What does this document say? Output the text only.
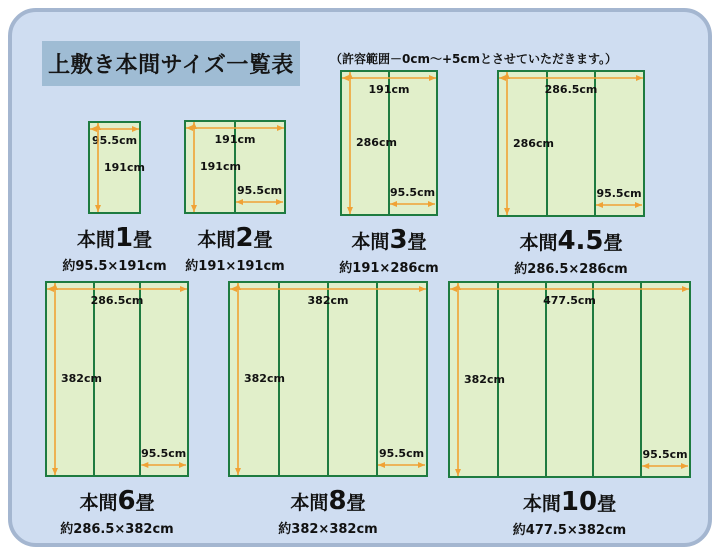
上敷き本間サイズ一覧表	（許容範囲－0cm～+5cmとさせていただきます。）
95.5cm
191cm
本間1畳
約95.5×191cm
191cm
191cm
95.5cm
本間2畳
約191×191cm
191cm
286cm
95.5cm
本間3畳
約191×286cm
286.5cm
286cm
95.5cm
本間4.5畳
約286.5×286cm
286.5cm
382cm
95.5cm
本間6畳
約286.5×382cm
382cm
382cm
95.5cm
本間8畳
約382×382cm
477.5cm
382cm
95.5cm
本間10畳
約477.5×382cm
